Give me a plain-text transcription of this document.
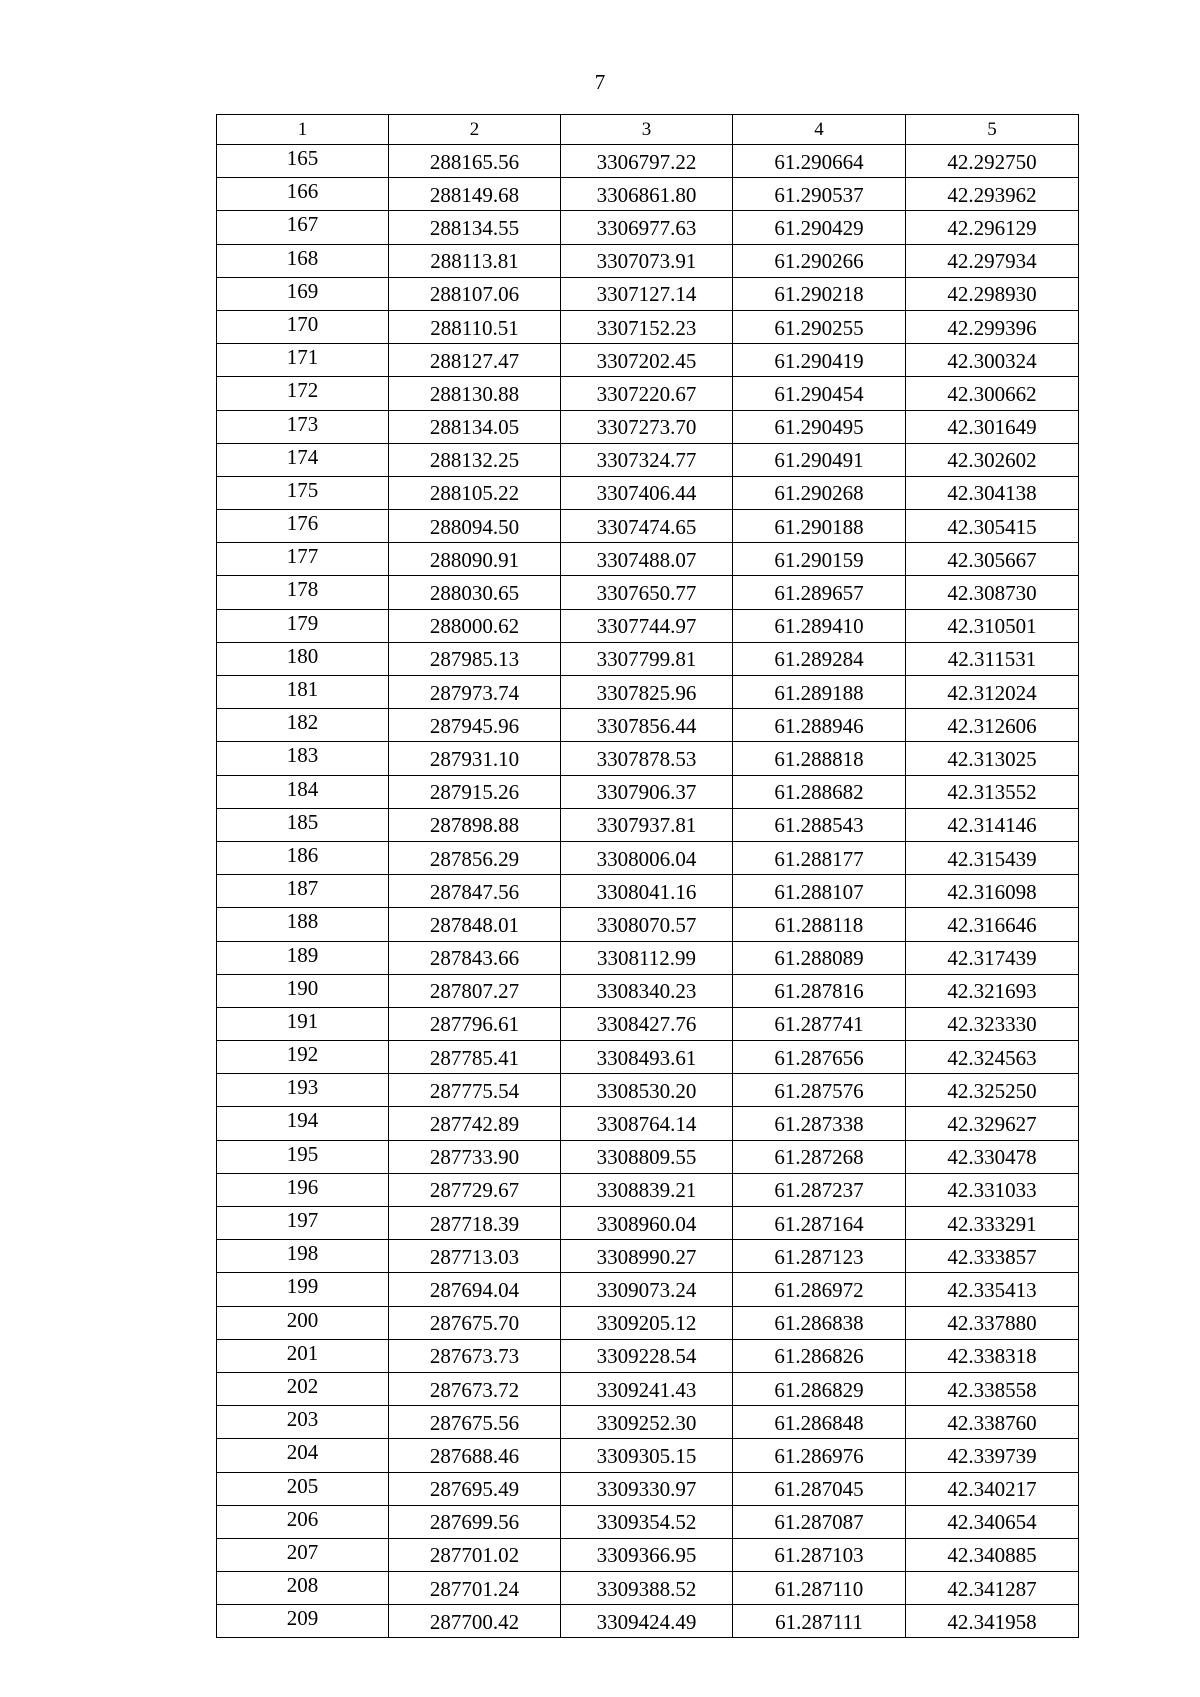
7
1	2	3	4	5
165	288165.56	3306797.22	61.290664	42.292750
166	288149.68	3306861.80	61.290537	42.293962
167	288134.55	3306977.63	61.290429	42.296129
168	288113.81	3307073.91	61.290266	42.297934
169	288107.06	3307127.14	61.290218	42.298930
170	288110.51	3307152.23	61.290255	42.299396
171	288127.47	3307202.45	61.290419	42.300324
172	288130.88	3307220.67	61.290454	42.300662
173	288134.05	3307273.70	61.290495	42.301649
174	288132.25	3307324.77	61.290491	42.302602
175	288105.22	3307406.44	61.290268	42.304138
176	288094.50	3307474.65	61.290188	42.305415
177	288090.91	3307488.07	61.290159	42.305667
178	288030.65	3307650.77	61.289657	42.308730
179	288000.62	3307744.97	61.289410	42.310501
180	287985.13	3307799.81	61.289284	42.311531
181	287973.74	3307825.96	61.289188	42.312024
182	287945.96	3307856.44	61.288946	42.312606
183	287931.10	3307878.53	61.288818	42.313025
184	287915.26	3307906.37	61.288682	42.313552
185	287898.88	3307937.81	61.288543	42.314146
186	287856.29	3308006.04	61.288177	42.315439
187	287847.56	3308041.16	61.288107	42.316098
188	287848.01	3308070.57	61.288118	42.316646
189	287843.66	3308112.99	61.288089	42.317439
190	287807.27	3308340.23	61.287816	42.321693
191	287796.61	3308427.76	61.287741	42.323330
192	287785.41	3308493.61	61.287656	42.324563
193	287775.54	3308530.20	61.287576	42.325250
194	287742.89	3308764.14	61.287338	42.329627
195	287733.90	3308809.55	61.287268	42.330478
196	287729.67	3308839.21	61.287237	42.331033
197	287718.39	3308960.04	61.287164	42.333291
198	287713.03	3308990.27	61.287123	42.333857
199	287694.04	3309073.24	61.286972	42.335413
200	287675.70	3309205.12	61.286838	42.337880
201	287673.73	3309228.54	61.286826	42.338318
202	287673.72	3309241.43	61.286829	42.338558
203	287675.56	3309252.30	61.286848	42.338760
204	287688.46	3309305.15	61.286976	42.339739
205	287695.49	3309330.97	61.287045	42.340217
206	287699.56	3309354.52	61.287087	42.340654
207	287701.02	3309366.95	61.287103	42.340885
208	287701.24	3309388.52	61.287110	42.341287
209	287700.42	3309424.49	61.287111	42.341958
